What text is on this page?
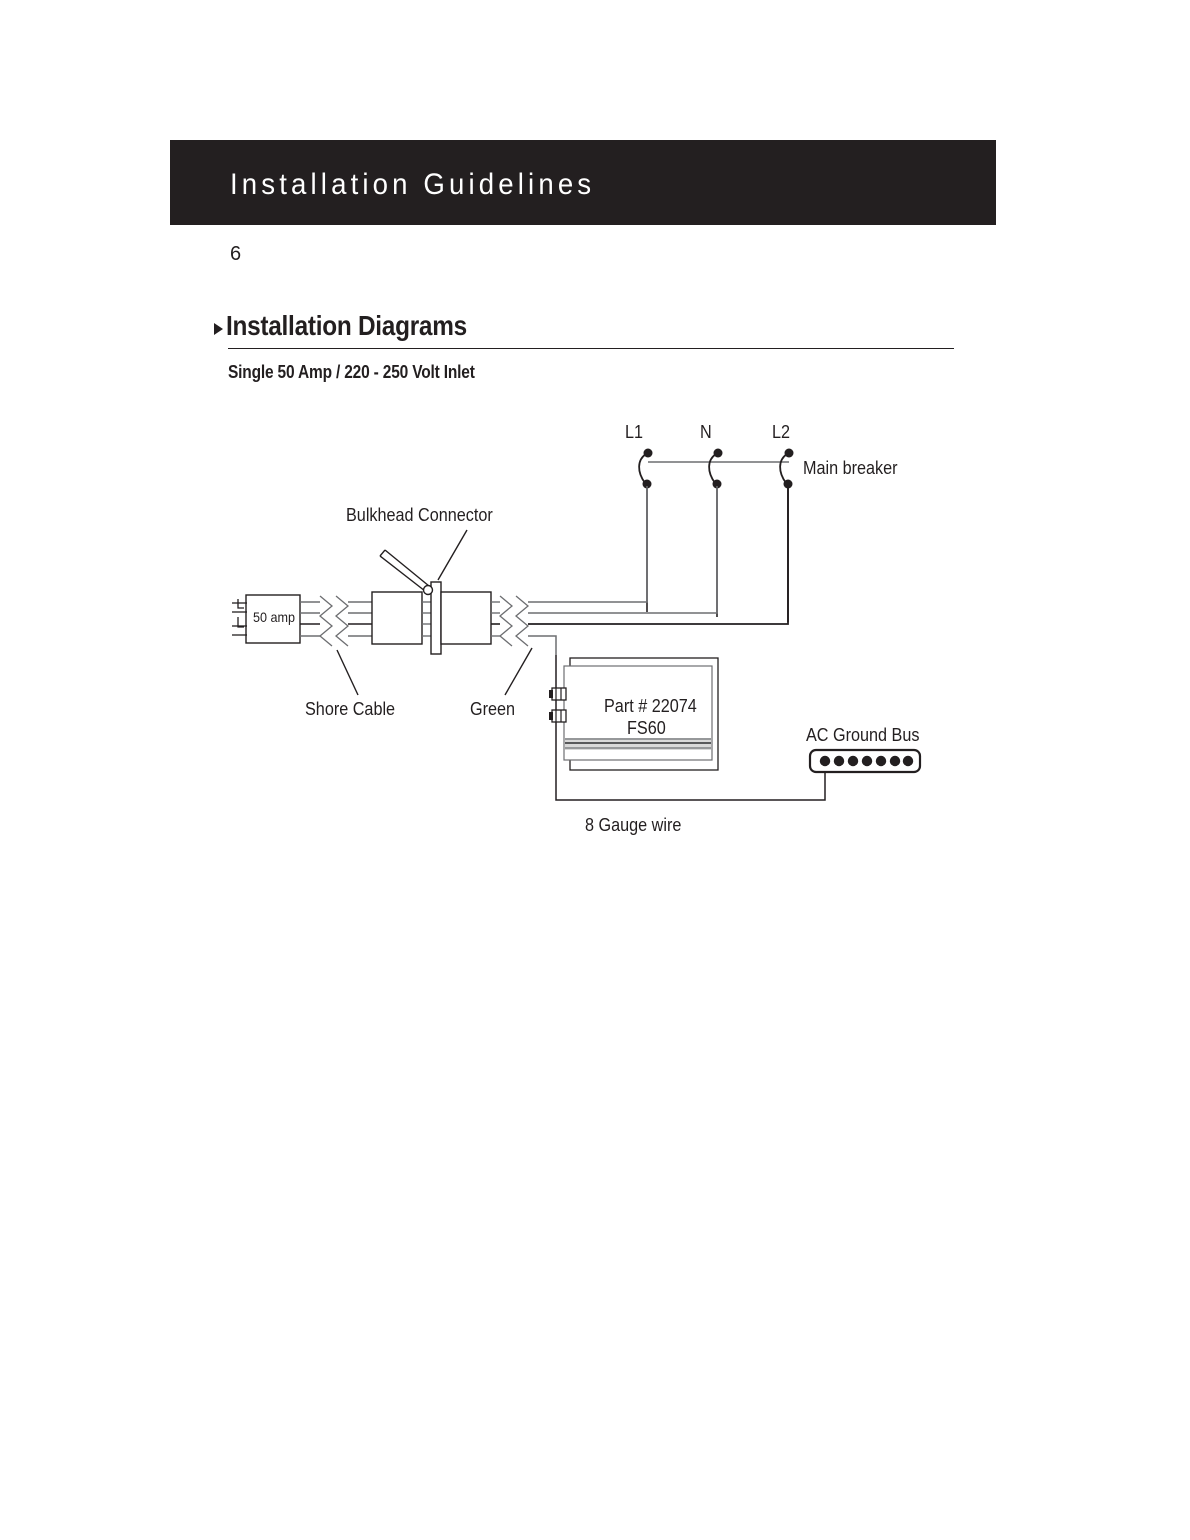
Installation Guidelines
6
Installation Diagrams
Single 50 Amp / 220 - 250 Volt Inlet
L1	N	L2
Main breaker
Bulkhead Connector
50 amp
Shore Cable	Green	Part # 22074
FS60	AC Ground Bus
8 Gauge wire
